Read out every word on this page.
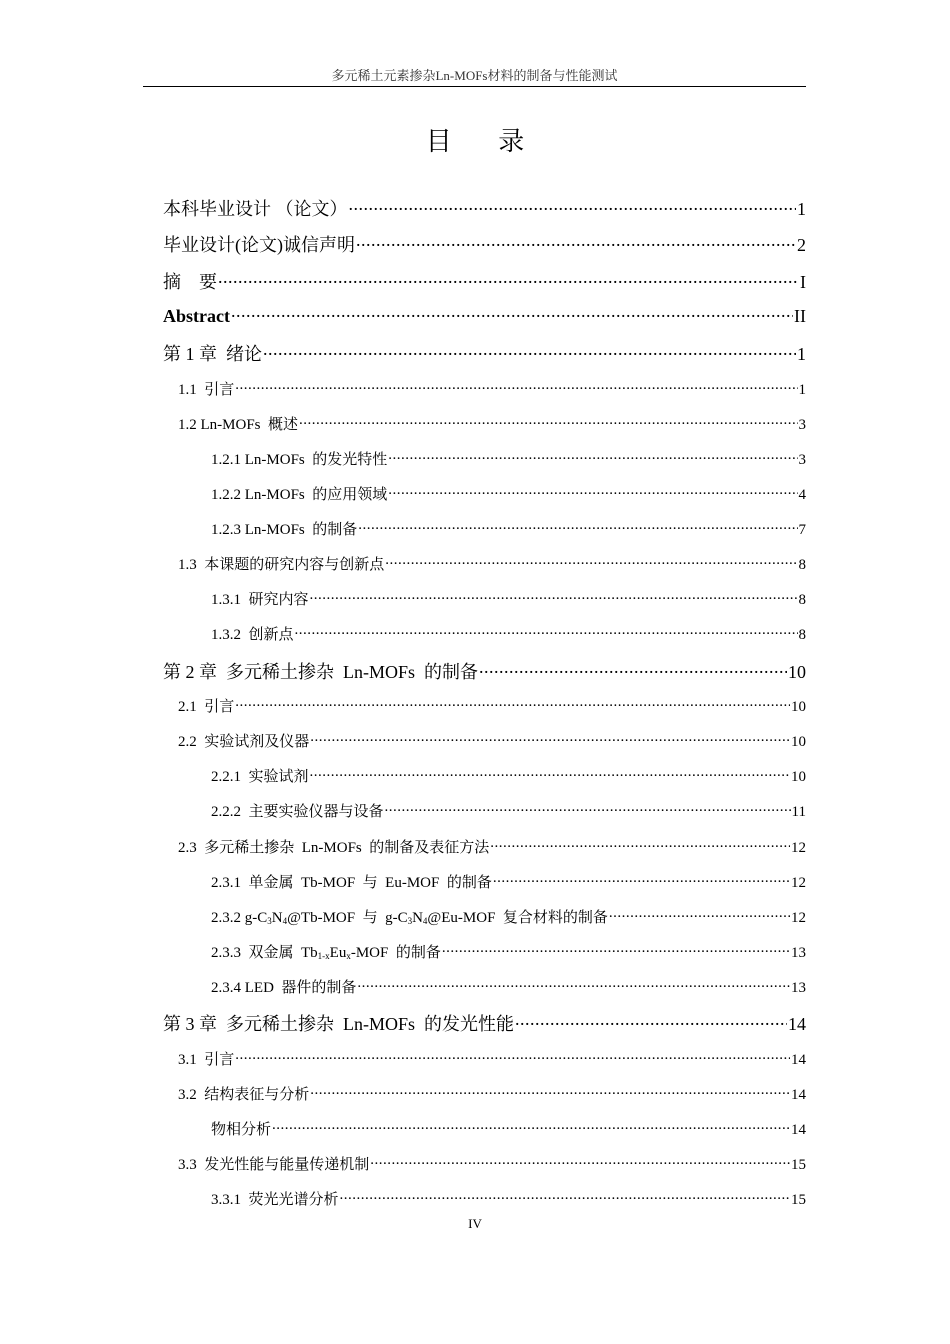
多元稀土元素掺杂Ln-MOFs材料的制备与性能测试
目 录
本科毕业设计 （论文） .....	1
毕业设计(论文)诚信声明 .....	2
摘    要 .....	I
Abstract .....	II
第 1 章  绪论 .....	1
1.1  引言 .....	1
1.2 Ln-MOFs  概述 .....	3
1.2.1 Ln-MOFs  的发光特性 .....	3
1.2.2 Ln-MOFs  的应用领域 .....	4
1.2.3 Ln-MOFs  的制备 .....	7
1.3  本课题的研究内容与创新点 .....	8
1.3.1  研究内容 .....	8
1.3.2  创新点 .....	8
第 2 章  多元稀土掺杂  Ln-MOFs  的制备 .....	10
2.1  引言 .....	10
2.2  实验试剂及仪器 .....	10
2.2.1  实验试剂 .....	10
2.2.2  主要实验仪器与设备 .....	11
2.3  多元稀土掺杂  Ln-MOFs  的制备及表征方法 .....	12
2.3.1  单金属  Tb-MOF  与  Eu-MOF  的制备 .....	12
2.3.2 $g-C_3N_4@Tb$-MOF  与  $g-C_3N_4@Eu$-MOF  复合材料的制备 .....	12
2.3.3  双金属  $Tb_{1-x}Eu_x$-MOF  的制备 .....	13
2.3.4 LED  器件的制备 .....	13
第 3 章  多元稀土掺杂  Ln-MOFs  的发光性能 .....	14
3.1  引言 .....	14
3.2  结构表征与分析 .....	14
物相分析 .....	14
3.3  发光性能与能量传递机制 .....	15
3.3.1  荧光光谱分析 .....	15
IV
